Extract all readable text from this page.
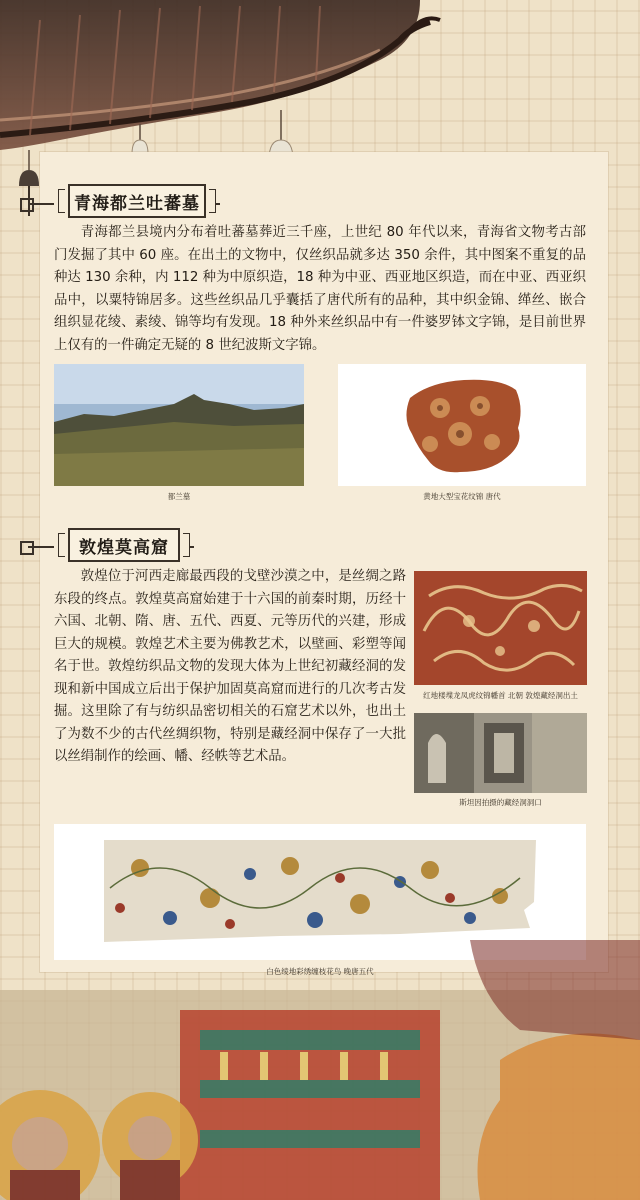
青海都兰吐蕃墓

青海都兰县境内分布着吐蕃墓葬近三千座，上世纪 80 年代以来，青海省文物考古部门发掘了其中 60 座。在出土的文物中，仅丝织品就多达 350 余件，其中图案不重复的品种达 130 余种，内 112 种为中原织造，18 种为中亚、西亚地区织造，而在中亚、西亚织品中，以粟特锦居多。这些丝织品几乎囊括了唐代所有的品种，其中织金锦、缂丝、嵌合组织显花绫、素绫、锦等均有发现。18 种外来丝织品中有一件婆罗钵文字锦，是目前世界上仅有的一件确定无疑的 8 世纪波斯文字锦。

都兰墓	黄地大型宝花纹锦 唐代
敦煌莫高窟

敦煌位于河西走廊最西段的戈壁沙漠之中，是丝绸之路东段的终点。敦煌莫高窟始建于十六国的前秦时期，历经十六国、北朝、隋、唐、五代、西夏、元等历代的兴建，形成巨大的规模。敦煌艺术主要为佛教艺术，以壁画、彩塑等闻名于世。敦煌纺织品文物的发现大体为上世纪初藏经洞的发现和新中国成立后出于保护加固莫高窟而进行的几次考古发掘。这里除了有与纺织品密切相关的石窟艺术以外，也出土了为数不少的古代丝绸织物，特别是藏经洞中保存了一大批以丝绢制作的绘画、幡、经帙等艺术品。

红地楼堞龙凤虎纹锦幡首 北朝 敦煌藏经洞出土
斯坦因拍摄的藏经洞洞口
白色绫地彩绣缠枝花鸟 晚唐五代
